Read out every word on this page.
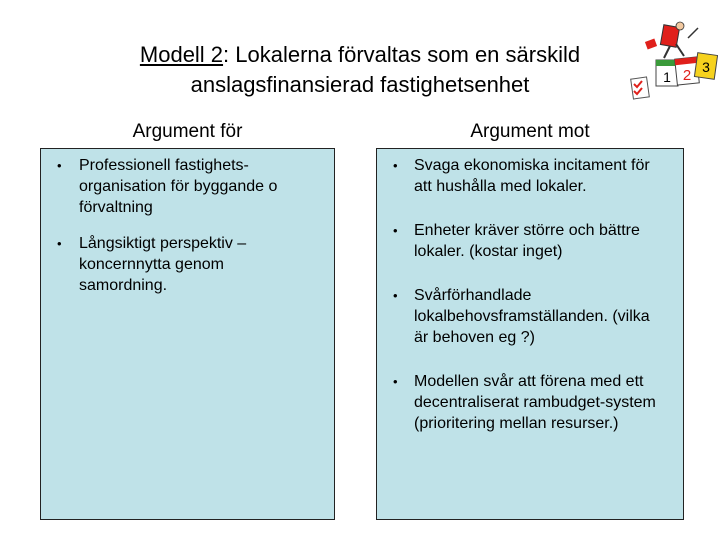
Modell 2: Lokalerna förvaltas som en särskild
anslagsfinansierad fastighetsenhet	1 2 3
Argument för
• Professionell fastighets-organisation för byggande o förvaltning
• Långsiktigt perspektiv – koncernnytta genom samordning.
Argument mot
• Svaga ekonomiska incitament för att hushålla med lokaler.
• Enheter kräver större och bättre lokaler. (kostar inget)
• Svårförhandlade lokalbehovsframställanden. (vilka är behoven eg ?)
• Modellen svår att förena med ett decentraliserat rambudget-system (prioritering mellan resurser.)
